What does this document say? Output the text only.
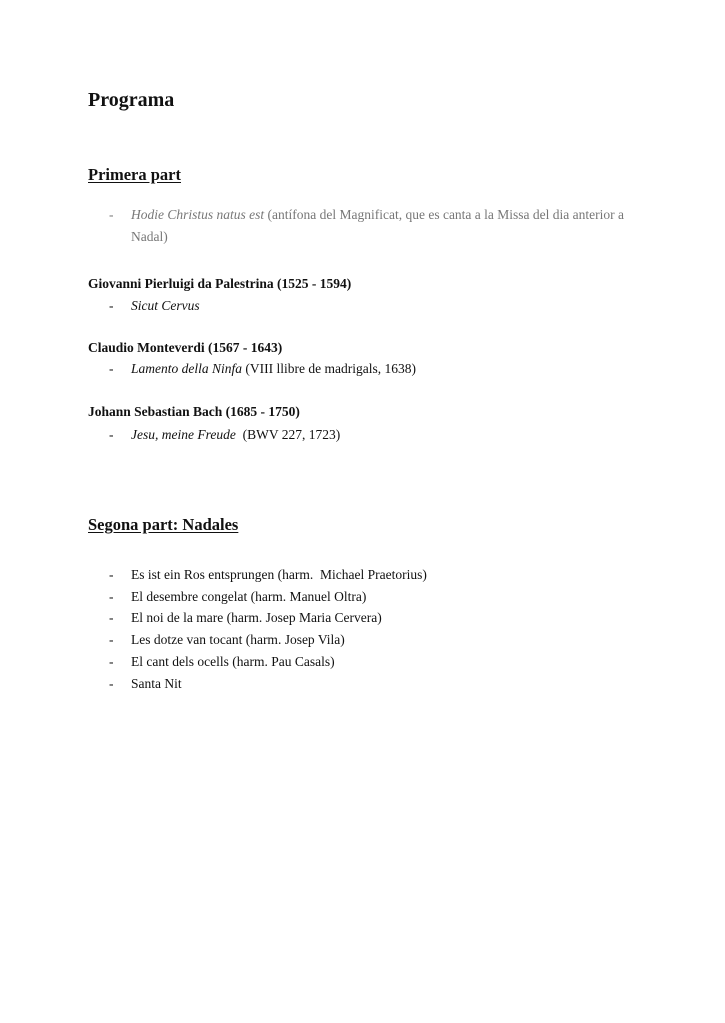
Programa
Primera part
- Hodie Christus natus est (antífona del Magnificat, que es canta a la Missa del dia anterior a
Nadal)
Giovanni Pierluigi da Palestrina (1525 - 1594)
- Sicut Cervus
Claudio Monteverdi (1567 - 1643)
- Lamento della Ninfa (VIII llibre de madrigals, 1638)
Johann Sebastian Bach (1685 - 1750)
- Jesu, meine Freude  (BWV 227, 1723)
Segona part: Nadales
- Es ist ein Ros entsprungen (harm.  Michael Praetorius)
- El desembre congelat (harm. Manuel Oltra)
- El noi de la mare (harm. Josep Maria Cervera)
- Les dotze van tocant (harm. Josep Vila)
- El cant dels ocells (harm. Pau Casals)
- Santa Nit
